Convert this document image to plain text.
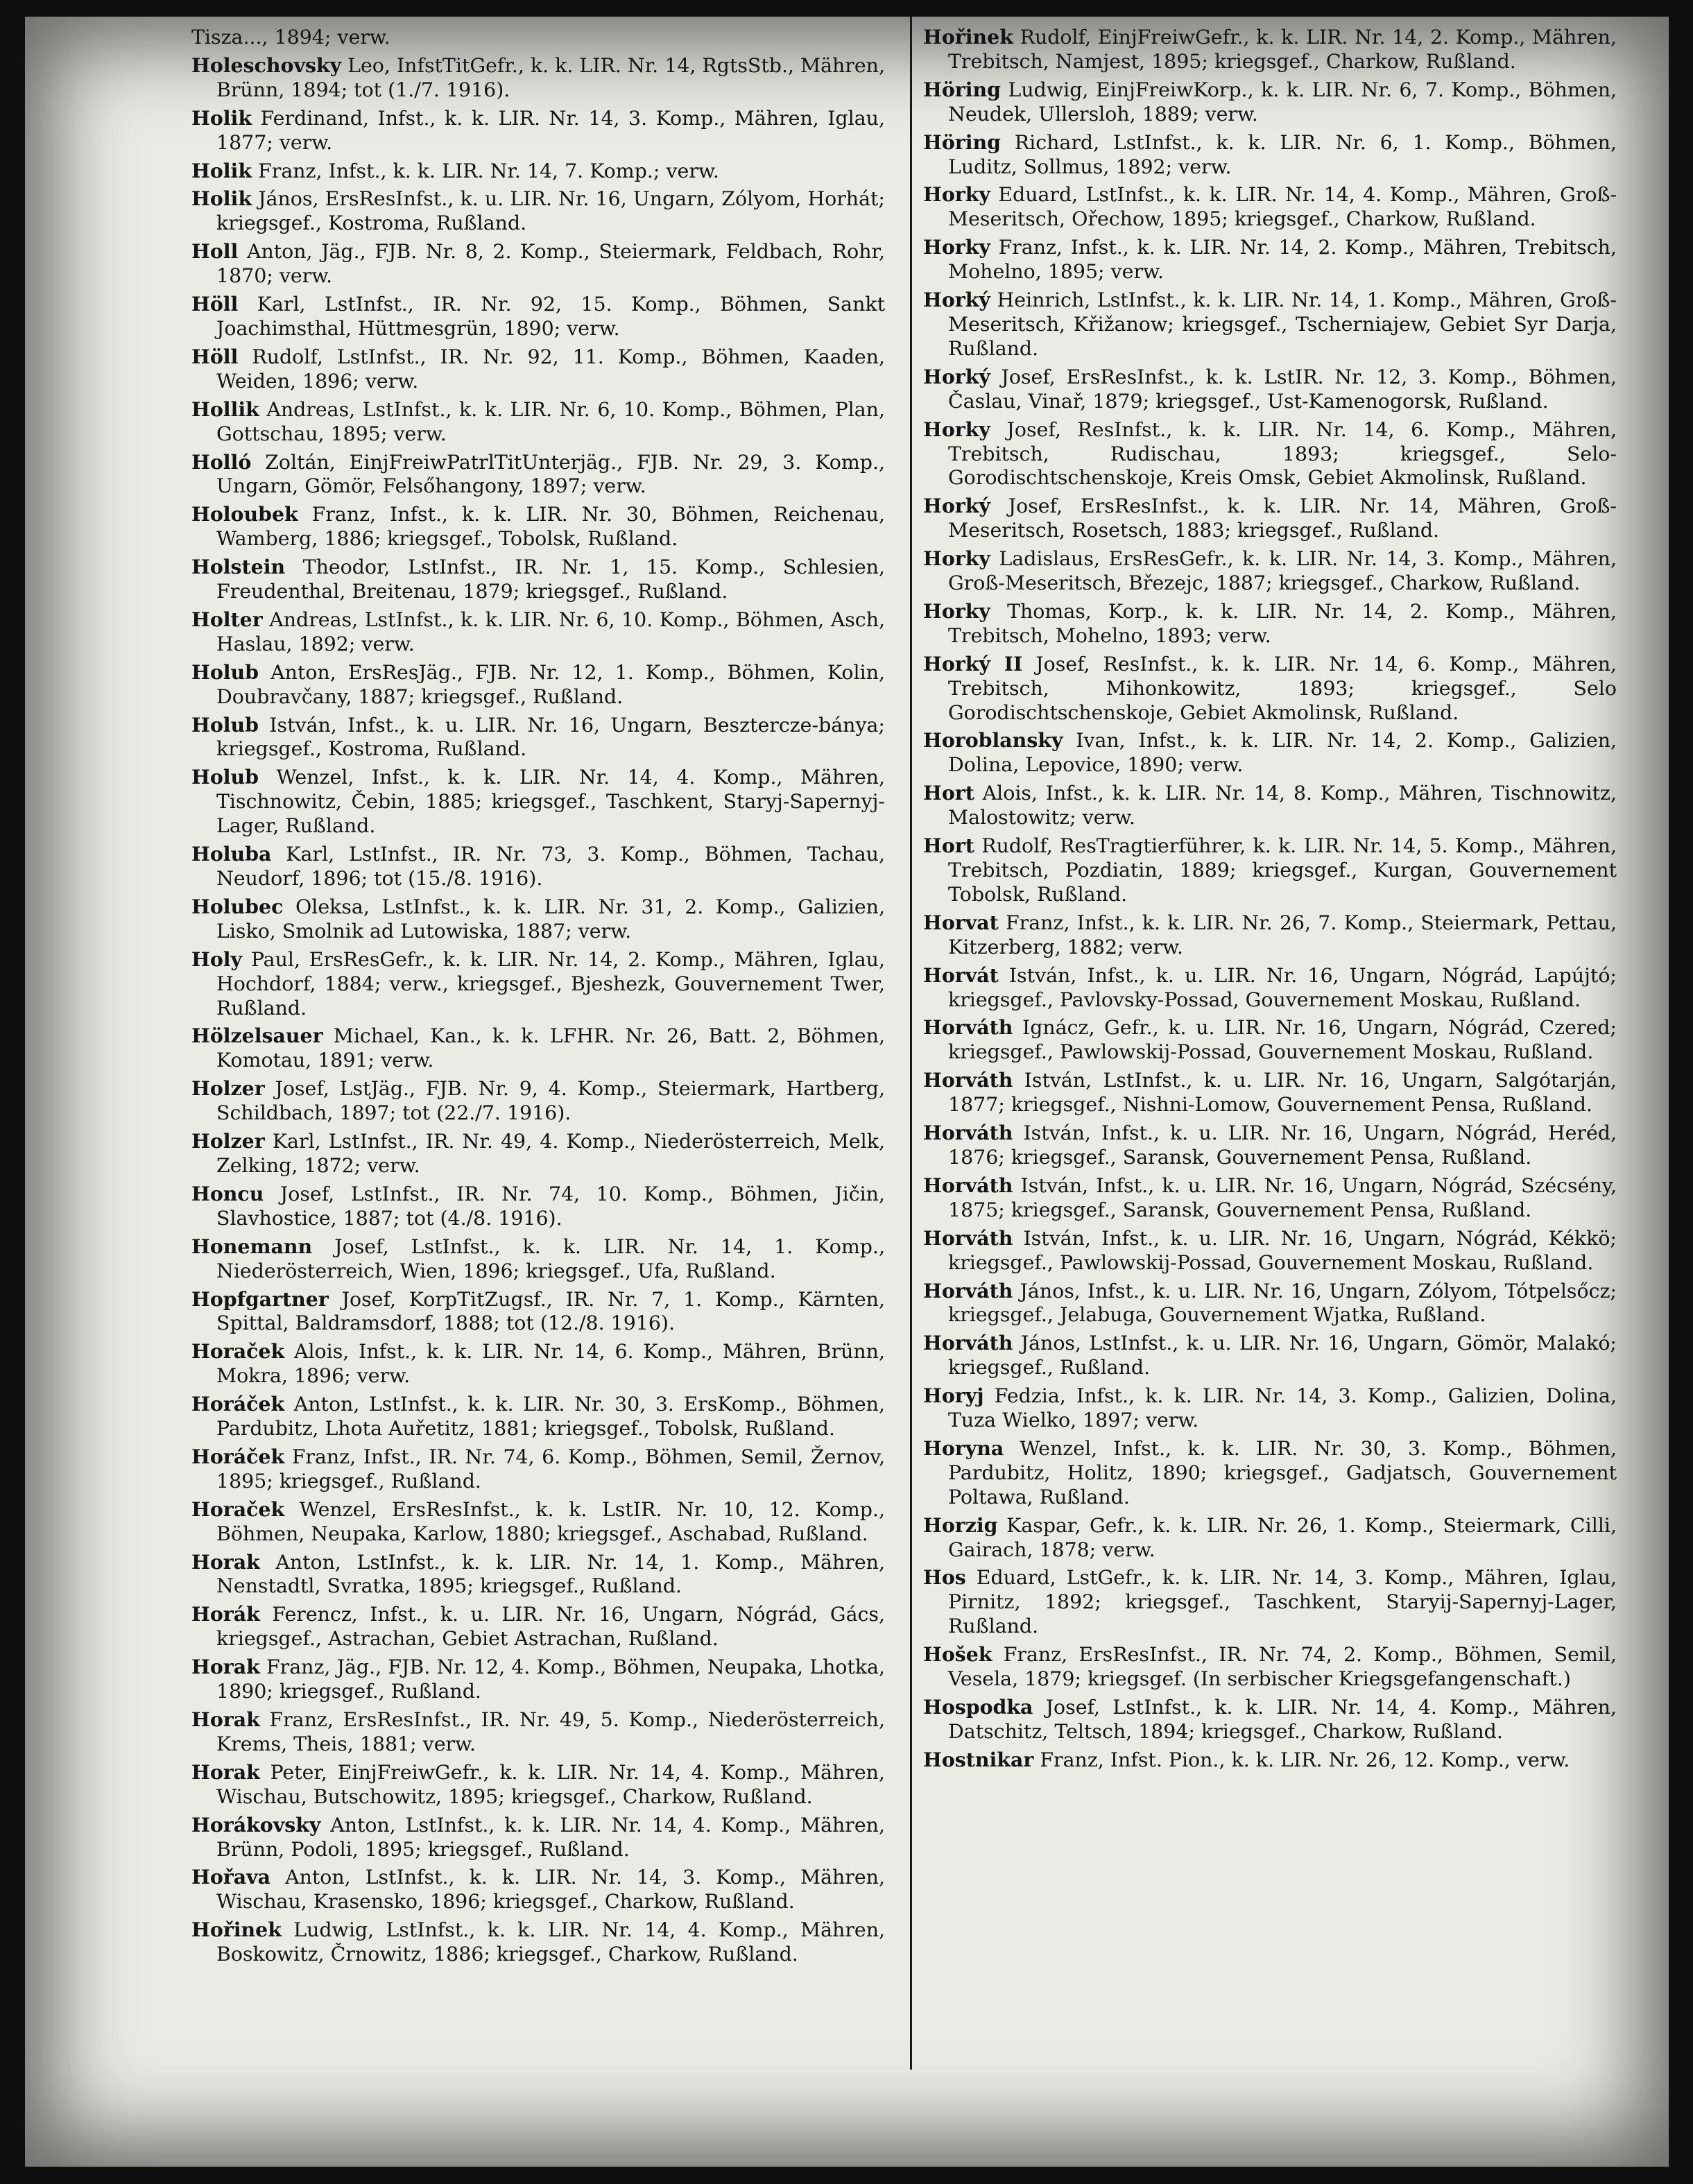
Tisza..., 1894; verw.

Holeschovsky Leo, InfstTitGefr., k. k. LIR. Nr. 14, RgtsStb., Mähren, Brünn, 1894; tot (1./7. 1916).

Holik Ferdinand, Infst., k. k. LIR. Nr. 14, 3. Komp., Mähren, Iglau, 1877; verw.

Holik Franz, Infst., k. k. LIR. Nr. 14, 7. Komp.; verw.

Holik János, ErsResInfst., k. u. LIR. Nr. 16, Ungarn, Zólyom, Horhát; kriegsgef., Kostroma, Rußland.

Holl Anton, Jäg., FJB. Nr. 8, 2. Komp., Steiermark, Feldbach, Rohr, 1870; verw.

Höll Karl, LstInfst., IR. Nr. 92, 15. Komp., Böhmen, Sankt Joachimsthal, Hüttmesgrün, 1890; verw.

Höll Rudolf, LstInfst., IR. Nr. 92, 11. Komp., Böhmen, Kaaden, Weiden, 1896; verw.

Hollik Andreas, LstInfst., k. k. LIR. Nr. 6, 10. Komp., Böhmen, Plan, Gottschau, 1895; verw.

Holló Zoltán, EinjFreiwPatrlTitUnterjäg., FJB. Nr. 29, 3. Komp., Ungarn, Gömör, Felsőhangony, 1897; verw.

Holoubek Franz, Infst., k. k. LIR. Nr. 30, Böhmen, Reichenau, Wamberg, 1886; kriegsgef., Tobolsk, Rußland.

Holstein Theodor, LstInfst., IR. Nr. 1, 15. Komp., Schlesien, Freudenthal, Breitenau, 1879; kriegsgef., Rußland.

Holter Andreas, LstInfst., k. k. LIR. Nr. 6, 10. Komp., Böhmen, Asch, Haslau, 1892; verw.

Holub Anton, ErsResJäg., FJB. Nr. 12, 1. Komp., Böhmen, Kolin, Doubravčany, 1887; kriegsgef., Rußland.

Holub István, Infst., k. u. LIR. Nr. 16, Ungarn, Besztercze-bánya; kriegsgef., Kostroma, Rußland.

Holub Wenzel, Infst., k. k. LIR. Nr. 14, 4. Komp., Mähren, Tischnowitz, Čebin, 1885; kriegsgef., Taschkent, Staryj-Sapernyj-Lager, Rußland.

Holuba Karl, LstInfst., IR. Nr. 73, 3. Komp., Böhmen, Tachau, Neudorf, 1896; tot (15./8. 1916).

Holubec Oleksa, LstInfst., k. k. LIR. Nr. 31, 2. Komp., Galizien, Lisko, Smolnik ad Lutowiska, 1887; verw.

Holy Paul, ErsResGefr., k. k. LIR. Nr. 14, 2. Komp., Mähren, Iglau, Hochdorf, 1884; verw., kriegsgef., Bjeshezk, Gouvernement Twer, Rußland.

Hölzelsauer Michael, Kan., k. k. LFHR. Nr. 26, Batt. 2, Böhmen, Komotau, 1891; verw.

Holzer Josef, LstJäg., FJB. Nr. 9, 4. Komp., Steiermark, Hartberg, Schildbach, 1897; tot (22./7. 1916).

Holzer Karl, LstInfst., IR. Nr. 49, 4. Komp., Niederösterreich, Melk, Zelking, 1872; verw.

Honcu Josef, LstInfst., IR. Nr. 74, 10. Komp., Böhmen, Jičin, Slavhostice, 1887; tot (4./8. 1916).

Honemann Josef, LstInfst., k. k. LIR. Nr. 14, 1. Komp., Niederösterreich, Wien, 1896; kriegsgef., Ufa, Rußland.

Hopfgartner Josef, KorpTitZugsf., IR. Nr. 7, 1. Komp., Kärnten, Spittal, Baldramsdorf, 1888; tot (12./8. 1916).

Horaček Alois, Infst., k. k. LIR. Nr. 14, 6. Komp., Mähren, Brünn, Mokra, 1896; verw.

Horáček Anton, LstInfst., k. k. LIR. Nr. 30, 3. ErsKomp., Böhmen, Pardubitz, Lhota Auřetitz, 1881; kriegsgef., Tobolsk, Rußland.

Horáček Franz, Infst., IR. Nr. 74, 6. Komp., Böhmen, Semil, Žernov, 1895; kriegsgef., Rußland.

Horaček Wenzel, ErsResInfst., k. k. LstIR. Nr. 10, 12. Komp., Böhmen, Neupaka, Karlow, 1880; kriegsgef., Aschabad, Rußland.

Horak Anton, LstInfst., k. k. LIR. Nr. 14, 1. Komp., Mähren, Nenstadtl, Svratka, 1895; kriegsgef., Rußland.

Horák Ferencz, Infst., k. u. LIR. Nr. 16, Ungarn, Nógrád, Gács, kriegsgef., Astrachan, Gebiet Astrachan, Rußland.

Horak Franz, Jäg., FJB. Nr. 12, 4. Komp., Böhmen, Neupaka, Lhotka, 1890; kriegsgef., Rußland.

Horak Franz, ErsResInfst., IR. Nr. 49, 5. Komp., Niederösterreich, Krems, Theis, 1881; verw.

Horak Peter, EinjFreiwGefr., k. k. LIR. Nr. 14, 4. Komp., Mähren, Wischau, Butschowitz, 1895; kriegsgef., Charkow, Rußland.

Horákovsky Anton, LstInfst., k. k. LIR. Nr. 14, 4. Komp., Mähren, Brünn, Podoli, 1895; kriegsgef., Rußland.

Hořava Anton, LstInfst., k. k. LIR. Nr. 14, 3. Komp., Mähren, Wischau, Krasensko, 1896; kriegsgef., Charkow, Rußland.

Hořinek Ludwig, LstInfst., k. k. LIR. Nr. 14, 4. Komp., Mähren, Boskowitz, Črnowitz, 1886; kriegsgef., Charkow, Rußland.

Hořinek Rudolf, EinjFreiwGefr., k. k. LIR. Nr. 14, 2. Komp., Mähren, Trebitsch, Namjest, 1895; kriegsgef., Charkow, Rußland.

Höring Ludwig, EinjFreiwKorp., k. k. LIR. Nr. 6, 7. Komp., Böhmen, Neudek, Ullersloh, 1889; verw.

Höring Richard, LstInfst., k. k. LIR. Nr. 6, 1. Komp., Böhmen, Luditz, Sollmus, 1892; verw.

Horky Eduard, LstInfst., k. k. LIR. Nr. 14, 4. Komp., Mähren, Groß-Meseritsch, Ořechow, 1895; kriegsgef., Charkow, Rußland.

Horky Franz, Infst., k. k. LIR. Nr. 14, 2. Komp., Mähren, Trebitsch, Mohelno, 1895; verw.

Horký Heinrich, LstInfst., k. k. LIR. Nr. 14, 1. Komp., Mähren, Groß-Meseritsch, Křižanow; kriegsgef., Tscherniajew, Gebiet Syr Darja, Rußland.

Horký Josef, ErsResInfst., k. k. LstIR. Nr. 12, 3. Komp., Böhmen, Časlau, Vinař, 1879; kriegsgef., Ust-Kamenogorsk, Rußland.

Horky Josef, ResInfst., k. k. LIR. Nr. 14, 6. Komp., Mähren, Trebitsch, Rudischau, 1893; kriegsgef., Selo-Gorodischtschenskoje, Kreis Omsk, Gebiet Akmolinsk, Rußland.

Horký Josef, ErsResInfst., k. k. LIR. Nr. 14, Mähren, Groß-Meseritsch, Rosetsch, 1883; kriegsgef., Rußland.

Horky Ladislaus, ErsResGefr., k. k. LIR. Nr. 14, 3. Komp., Mähren, Groß-Meseritsch, Březejc, 1887; kriegsgef., Charkow, Rußland.

Horky Thomas, Korp., k. k. LIR. Nr. 14, 2. Komp., Mähren, Trebitsch, Mohelno, 1893; verw.

Horký II Josef, ResInfst., k. k. LIR. Nr. 14, 6. Komp., Mähren, Trebitsch, Mihonkowitz, 1893; kriegsgef., Selo Gorodischtschenskoje, Gebiet Akmolinsk, Rußland.

Horoblansky Ivan, Infst., k. k. LIR. Nr. 14, 2. Komp., Galizien, Dolina, Lepovice, 1890; verw.

Hort Alois, Infst., k. k. LIR. Nr. 14, 8. Komp., Mähren, Tischnowitz, Malostowitz; verw.

Hort Rudolf, ResTragtierführer, k. k. LIR. Nr. 14, 5. Komp., Mähren, Trebitsch, Pozdiatin, 1889; kriegsgef., Kurgan, Gouvernement Tobolsk, Rußland.

Horvat Franz, Infst., k. k. LIR. Nr. 26, 7. Komp., Steiermark, Pettau, Kitzerberg, 1882; verw.

Horvát István, Infst., k. u. LIR. Nr. 16, Ungarn, Nógrád, Lapújtó; kriegsgef., Pavlovsky-Possad, Gouvernement Moskau, Rußland.

Horváth Ignácz, Gefr., k. u. LIR. Nr. 16, Ungarn, Nógrád, Czered; kriegsgef., Pawlowskij-Possad, Gouvernement Moskau, Rußland.

Horváth István, LstInfst., k. u. LIR. Nr. 16, Ungarn, Salgótarján, 1877; kriegsgef., Nishni-Lomow, Gouvernement Pensa, Rußland.

Horváth István, Infst., k. u. LIR. Nr. 16, Ungarn, Nógrád, Heréd, 1876; kriegsgef., Saransk, Gouvernement Pensa, Rußland.

Horváth István, Infst., k. u. LIR. Nr. 16, Ungarn, Nógrád, Szécsény, 1875; kriegsgef., Saransk, Gouvernement Pensa, Rußland.

Horváth István, Infst., k. u. LIR. Nr. 16, Ungarn, Nógrád, Kékkö; kriegsgef., Pawlowskij-Possad, Gouvernement Moskau, Rußland.

Horváth János, Infst., k. u. LIR. Nr. 16, Ungarn, Zólyom, Tótpelsőcz; kriegsgef., Jelabuga, Gouvernement Wjatka, Rußland.

Horváth János, LstInfst., k. u. LIR. Nr. 16, Ungarn, Gömör, Malakó; kriegsgef., Rußland.

Horyj Fedzia, Infst., k. k. LIR. Nr. 14, 3. Komp., Galizien, Dolina, Tuza Wielko, 1897; verw.

Horyna Wenzel, Infst., k. k. LIR. Nr. 30, 3. Komp., Böhmen, Pardubitz, Holitz, 1890; kriegsgef., Gadjatsch, Gouvernement Poltawa, Rußland.

Horzig Kaspar, Gefr., k. k. LIR. Nr. 26, 1. Komp., Steiermark, Cilli, Gairach, 1878; verw.

Hos Eduard, LstGefr., k. k. LIR. Nr. 14, 3. Komp., Mähren, Iglau, Pirnitz, 1892; kriegsgef., Taschkent, Staryij-Sapernyj-Lager, Rußland.

Hošek Franz, ErsResInfst., IR. Nr. 74, 2. Komp., Böhmen, Semil, Vesela, 1879; kriegsgef. (In serbischer Kriegsgefangenschaft.)

Hospodka Josef, LstInfst., k. k. LIR. Nr. 14, 4. Komp., Mähren, Datschitz, Teltsch, 1894; kriegsgef., Charkow, Rußland.

Hostnikar Franz, Infst. Pion., k. k. LIR. Nr. 26, 12. Komp., verw.
